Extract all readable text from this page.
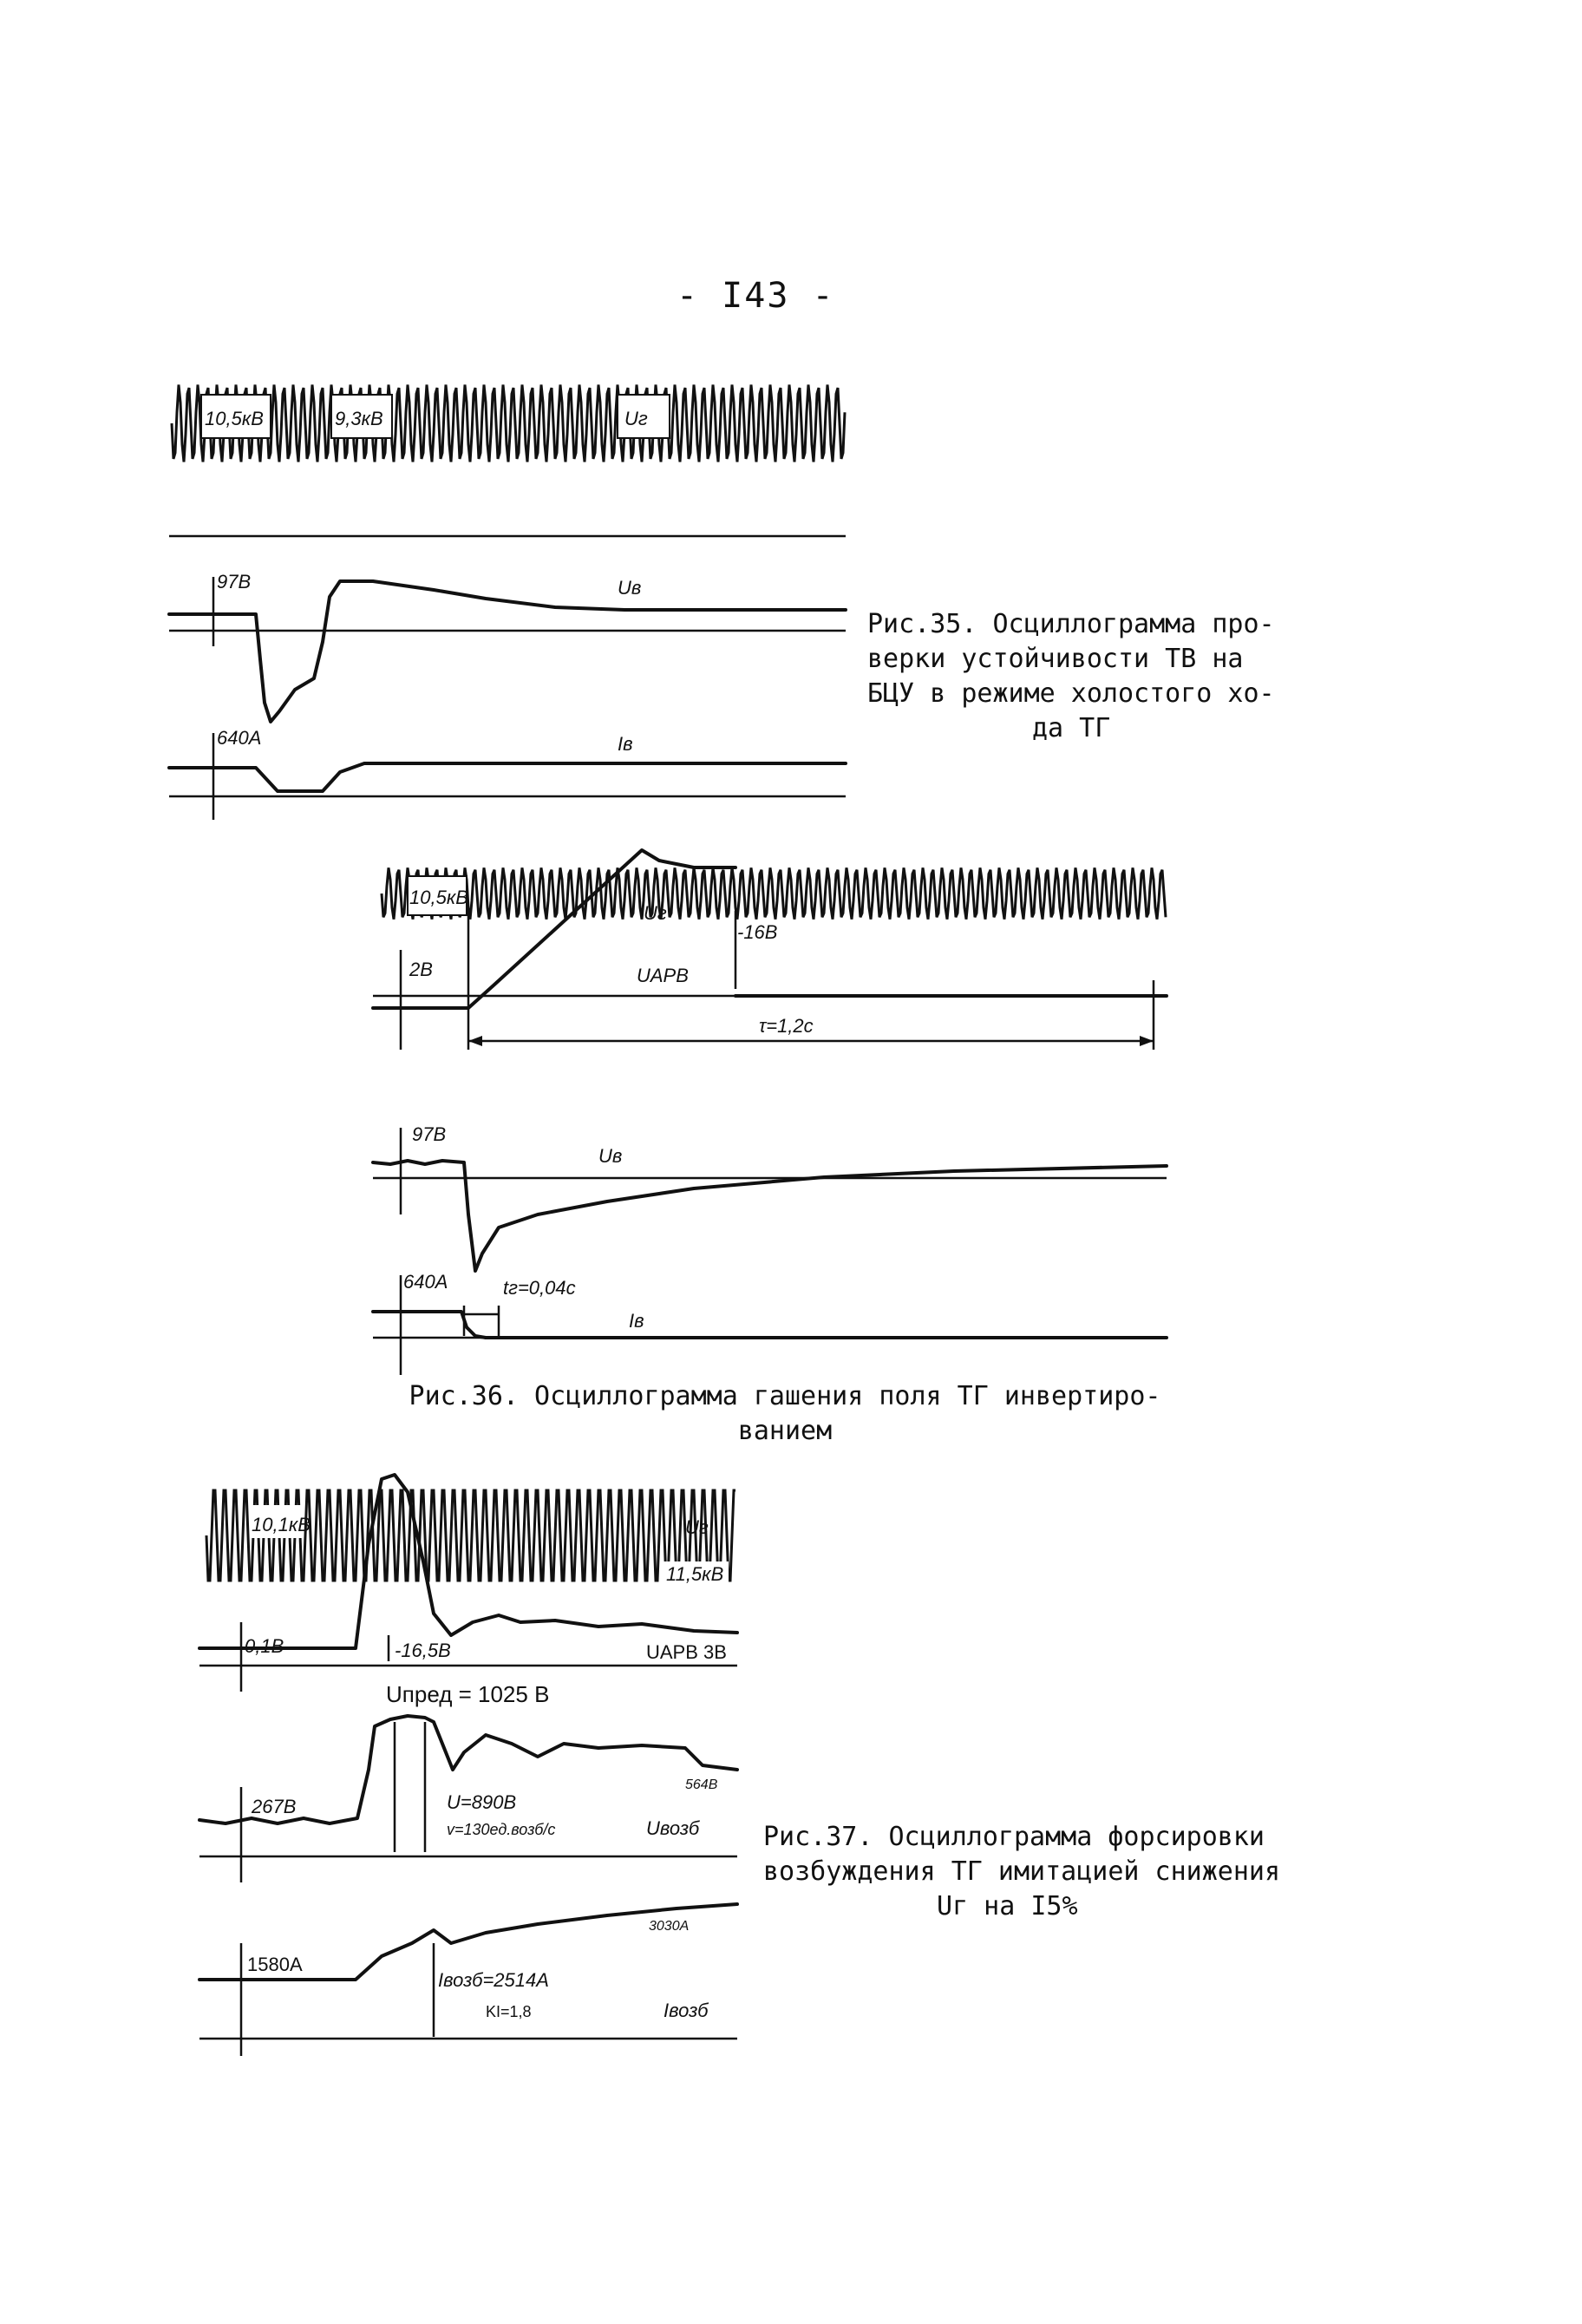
- I43 -
10,5кВ	9,3кВ	Uг
97В	Uв
640А	Iв
Рис.35. Осциллограмма про-
верки устойчивости ТВ на
БЦУ в режиме холостого хо-
да ТГ
10,5кВ
Uг
-16В
2В	UАРВ
τ=1,2с
97В
Uв
640А	tг=0,04с
Iв
Рис.36. Осциллограмма гашения поля ТГ инвертиро-
ванием
10,1кВ	Uг
11,5кВ
0,1В	-16,5В	UАРВ 3В
Uпред = 1025 В
267В	U=890В
v=130ед.возб/с	Uвозб
564В
1580А
3030А
Iвозб=2514А
KI=1,8	Iвозб
Рис.37. Осциллограмма форсировки
возбуждения ТГ имитацией снижения
Uг на I5%
